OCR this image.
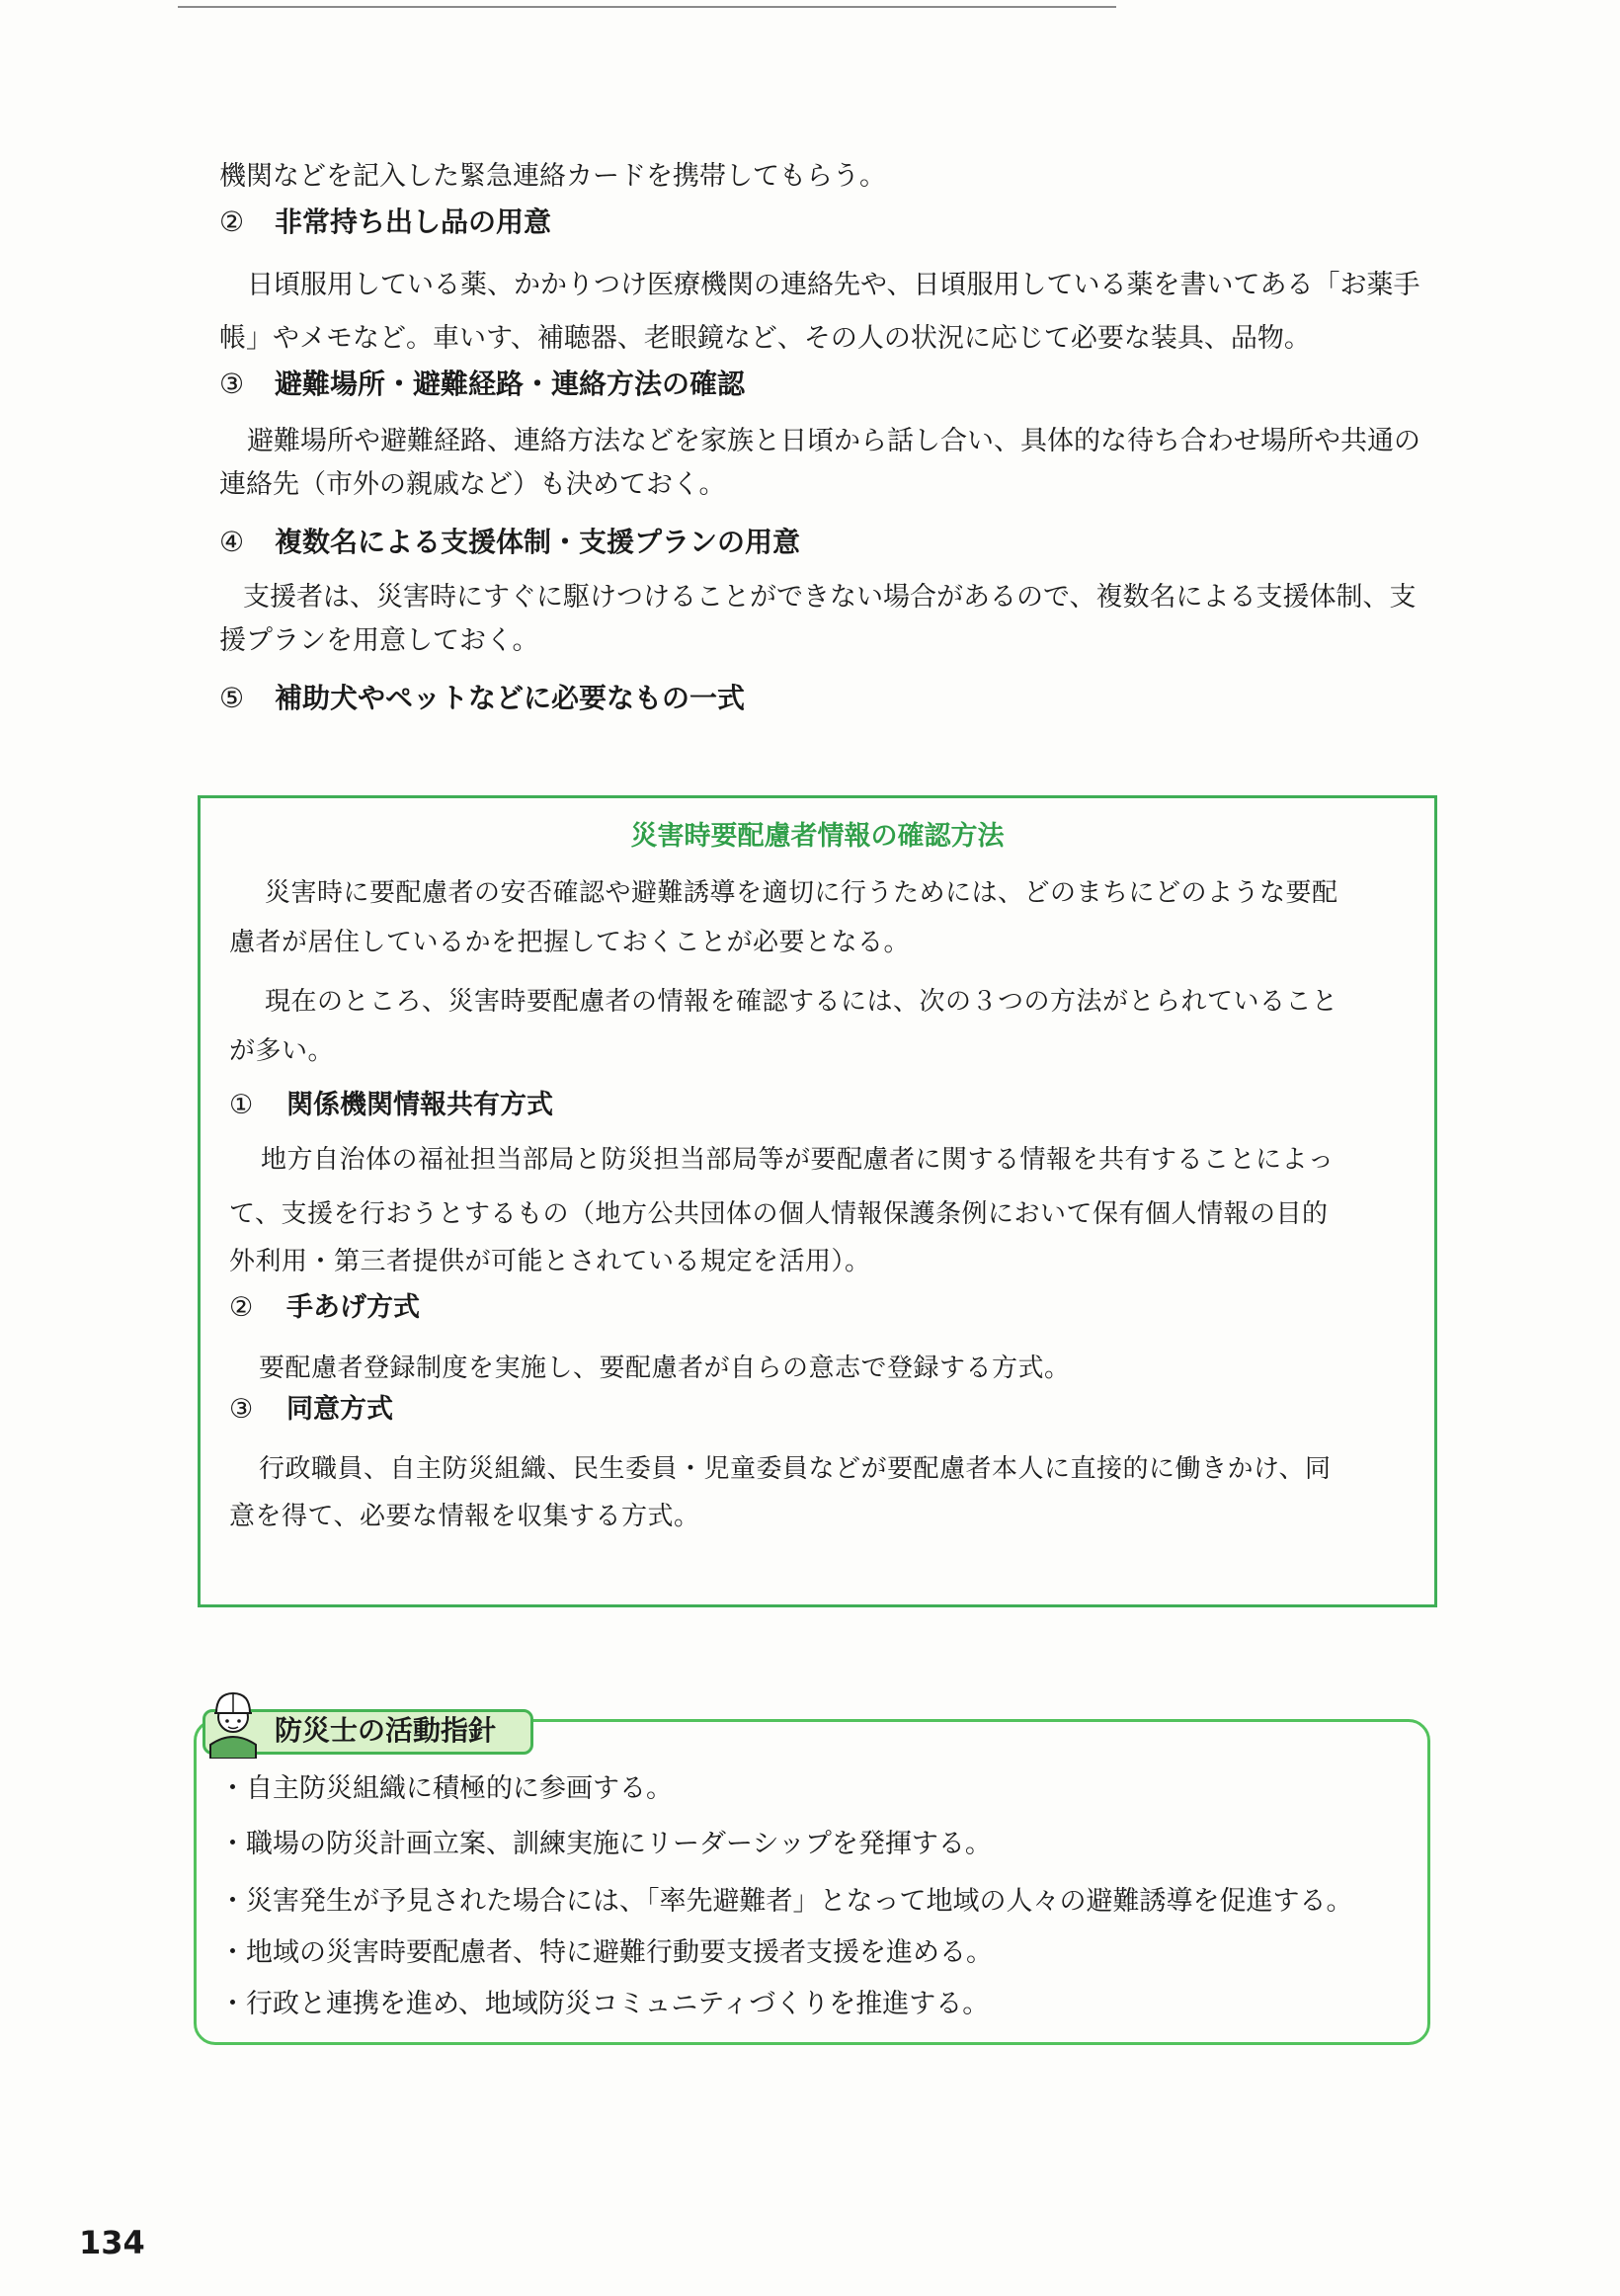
機関などを記入した緊急連絡カードを携帯してもらう。
② 非常持ち出し品の用意
日頃服用している薬、かかりつけ医療機関の連絡先や、日頃服用している薬を書いてある「お薬手
帳」やメモなど。車いす、補聴器、老眼鏡など、その人の状況に応じて必要な装具、品物。
③ 避難場所・避難経路・連絡方法の確認
避難場所や避難経路、連絡方法などを家族と日頃から話し合い、具体的な待ち合わせ場所や共通の
連絡先（市外の親戚など）も決めておく。
④ 複数名による支援体制・支援プランの用意
支援者は、災害時にすぐに駆けつけることができない場合があるので、複数名による支援体制、支
援プランを用意しておく。
⑤ 補助犬やペットなどに必要なもの一式
災害時要配慮者情報の確認方法
災害時に要配慮者の安否確認や避難誘導を適切に行うためには、どのまちにどのような要配
慮者が居住しているかを把握しておくことが必要となる。
現在のところ、災害時要配慮者の情報を確認するには、次の３つの方法がとられていること
が多い。
① 関係機関情報共有方式
地方自治体の福祉担当部局と防災担当部局等が要配慮者に関する情報を共有することによっ
て、支援を行おうとするもの（地方公共団体の個人情報保護条例において保有個人情報の目的
外利用・第三者提供が可能とされている規定を活用）。
② 手あげ方式
要配慮者登録制度を実施し、要配慮者が自らの意志で登録する方式。
③ 同意方式
行政職員、自主防災組織、民生委員・児童委員などが要配慮者本人に直接的に働きかけ、同
意を得て、必要な情報を収集する方式。
防災士の活動指針
・自主防災組織に積極的に参画する。
・職場の防災計画立案、訓練実施にリーダーシップを発揮する。
・災害発生が予見された場合には、「率先避難者」となって地域の人々の避難誘導を促進する。
・地域の災害時要配慮者、特に避難行動要支援者支援を進める。
・行政と連携を進め、地域防災コミュニティづくりを推進する。
134
